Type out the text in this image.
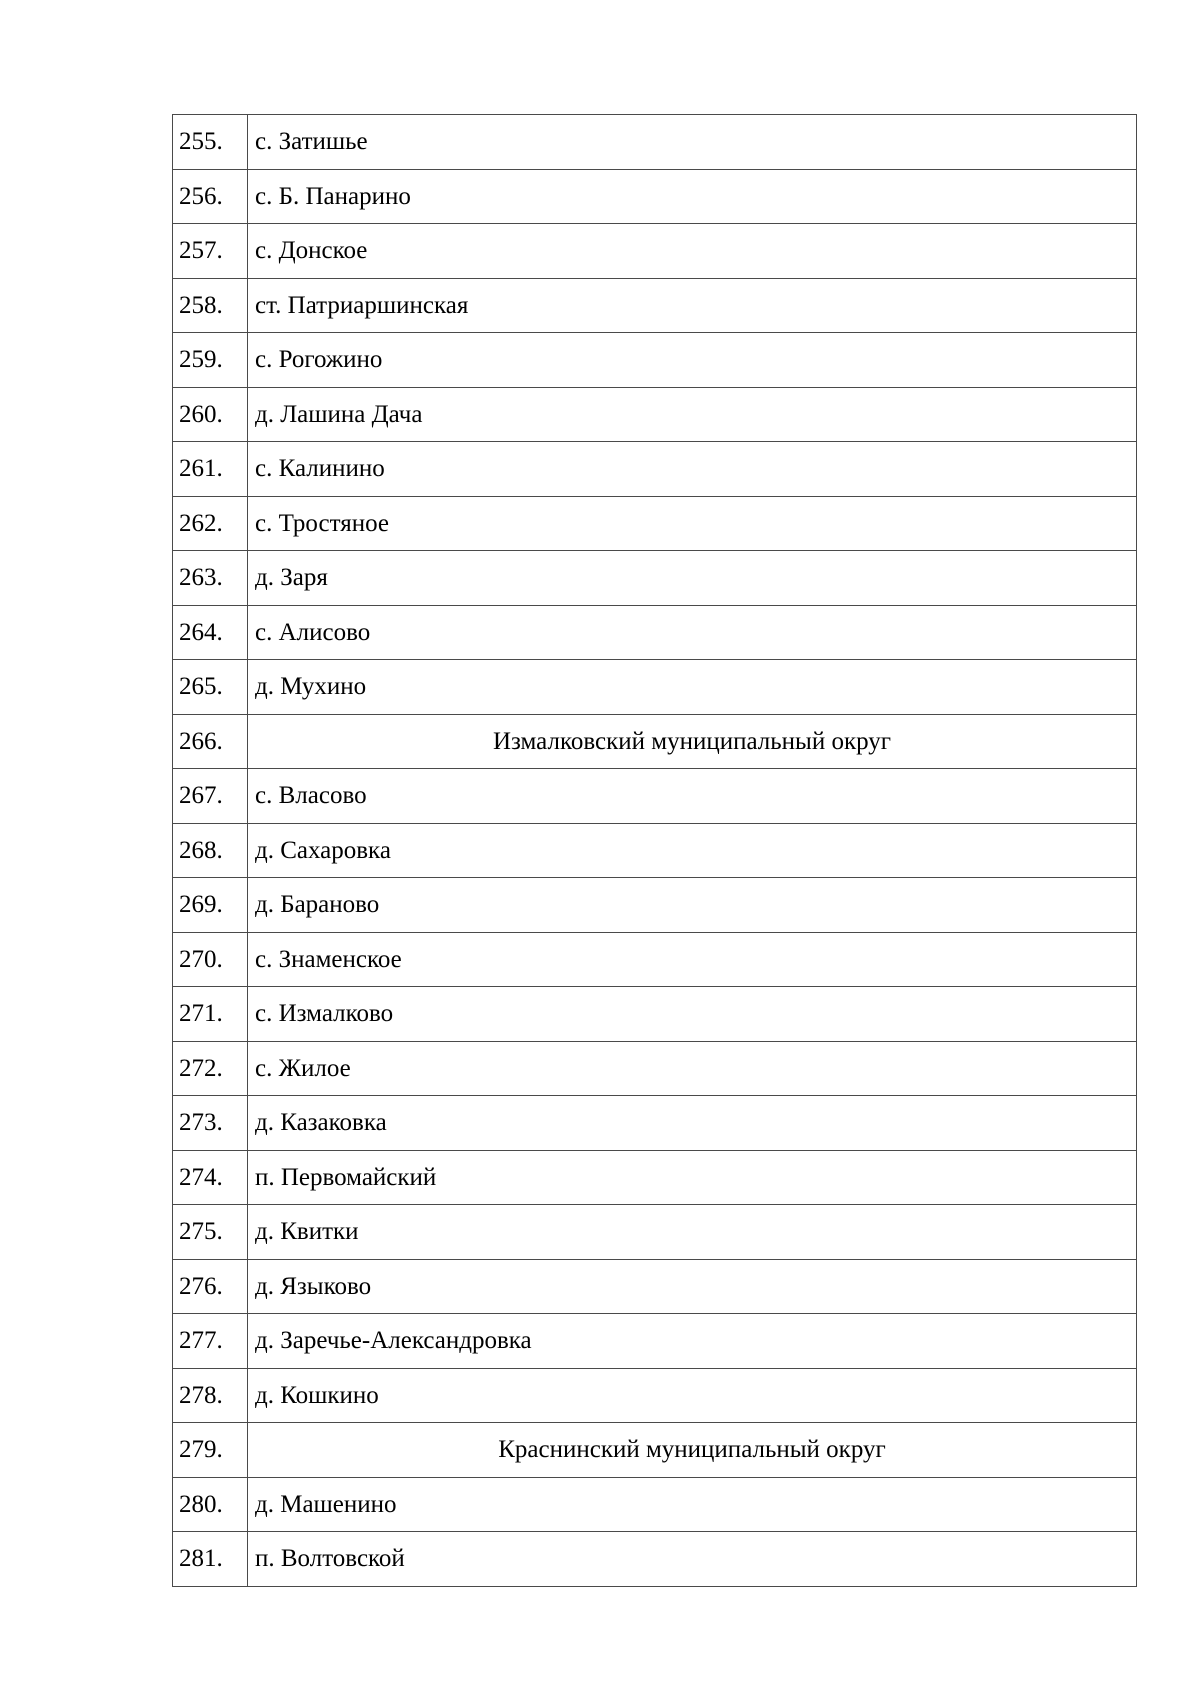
255.	с. Затишье
256.	с. Б. Панарино
257.	с. Донское
258.	ст. Патриаршинская
259.	с. Рогожино
260.	д. Лашина Дача
261.	с. Калинино
262.	с. Тростяное
263.	д. Заря
264.	с. Алисово
265.	д. Мухино
266.	Измалковский муниципальный округ
267.	с. Власово
268.	д. Сахаровка
269.	д. Бараново
270.	с. Знаменское
271.	с. Измалково
272.	с. Жилое
273.	д. Казаковка
274.	п. Первомайский
275.	д. Квитки
276.	д. Языково
277.	д. Заречье-Александровка
278.	д. Кошкино
279.	Краснинский муниципальный округ
280.	д. Машенино
281.	п. Волтовской
